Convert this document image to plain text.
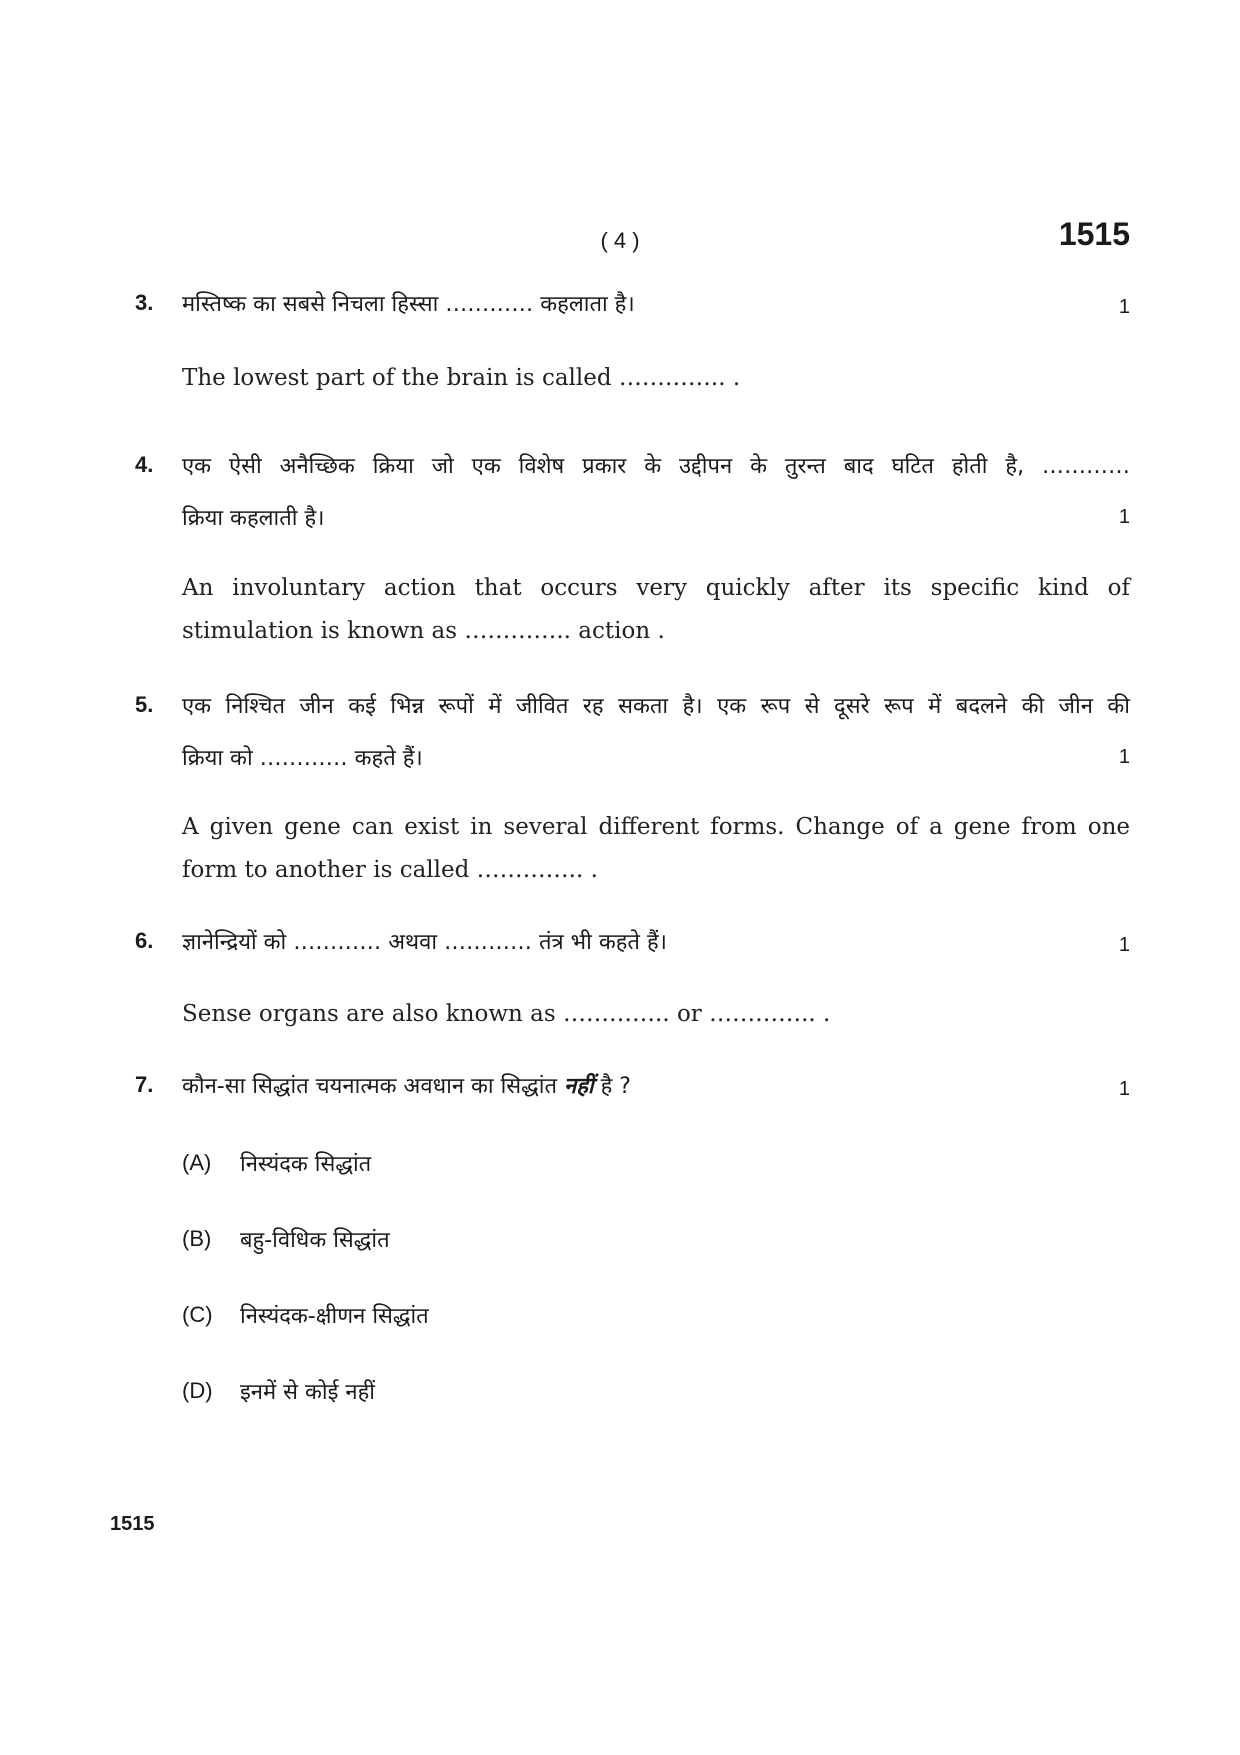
( 4 )	1515
3. मस्तिष्क का सबसे निचला हिस्सा ………… कहलाता है।	1
The lowest part of the brain is called ………….. .
4. एक ऐसी अनैच्छिक क्रिया जो एक विशेष प्रकार के उद्दीपन के तुरन्त बाद घटित होती है, …………
क्रिया कहलाती है।	1
An involuntary action that occurs very quickly after its specific kind of stimulation is known as ………….. action .
5. एक निश्चित जीन कई भिन्न रूपों में जीवित रह सकता है। एक रूप से दूसरे रूप में बदलने की जीन की
क्रिया को ………… कहते हैं।	1
A given gene can exist in several different forms. Change of a gene from one form to another is called ………….. .
6. ज्ञानेन्द्रियों को ………… अथवा ………… तंत्र भी कहते हैं।	1
Sense organs are also known as ………….. or ………….. .
7. कौन-सा सिद्धांत चयनात्मक अवधान का सिद्धांत नहीं है ?	1
(A) निस्यंदक सिद्धांत
(B) बहु-विधिक सिद्धांत
(C) निस्यंदक-क्षीणन सिद्धांत
(D) इनमें से कोई नहीं
1515
